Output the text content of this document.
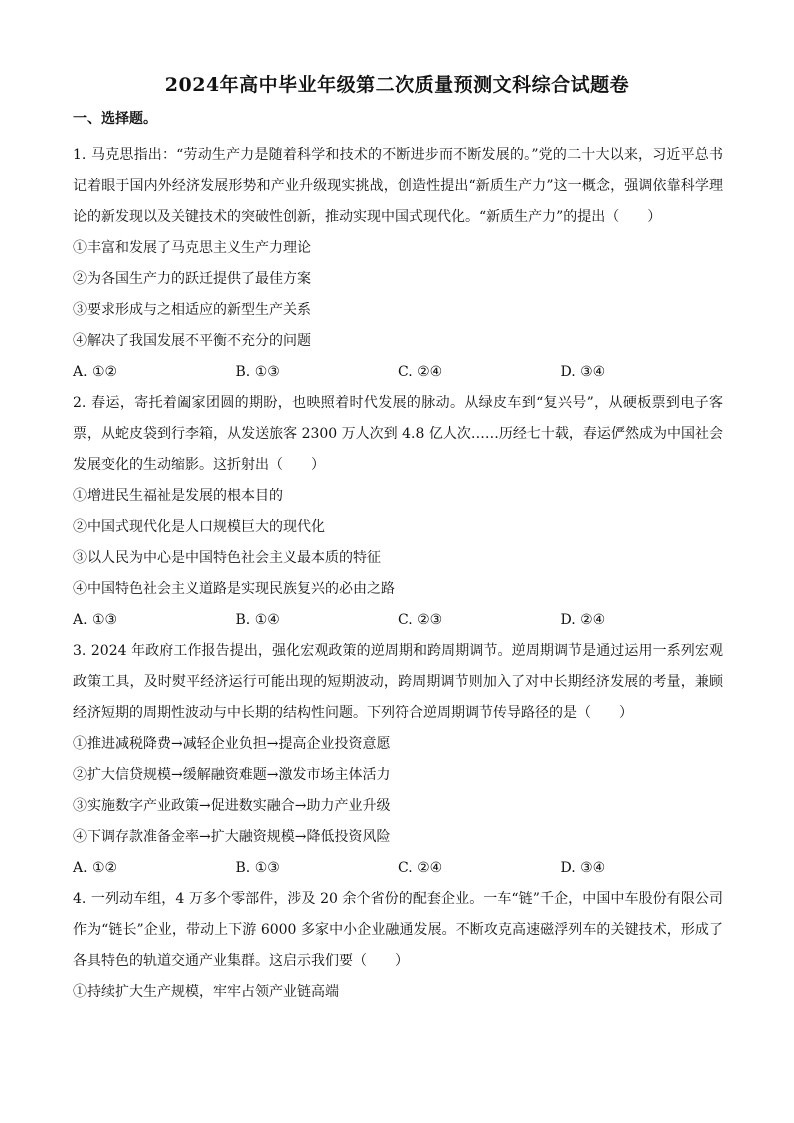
2024年高中毕业年级第二次质量预测文科综合试题卷
一、选择题。

1. 马克思指出：“劳动生产力是随着科学和技术的不断进步而不断发展的。”党的二十大以来，习近平总书记着眼于国内外经济发展形势和产业升级现实挑战，创造性提出“新质生产力”这一概念，强调依靠科学理论的新发现以及关键技术的突破性创新，推动实现中国式现代化。“新质生产力”的提出（　　）

①丰富和发展了马克思主义生产力理论

②为各国生产力的跃迁提供了最佳方案

③要求形成与之相适应的新型生产关系

④解决了我国发展不平衡不充分的问题

A. ①②	B. ①③	C. ②④	D. ③④

2. 春运，寄托着阖家团圆的期盼，也映照着时代发展的脉动。从绿皮车到“复兴号”，从硬板票到电子客票，从蛇皮袋到行李箱，从发送旅客 2300 万人次到 4.8 亿人次……历经七十载，春运俨然成为中国社会发展变化的生动缩影。这折射出（　　）

①增进民生福祉是发展的根本目的

②中国式现代化是人口规模巨大的现代化

③以人民为中心是中国特色社会主义最本质的特征

④中国特色社会主义道路是实现民族复兴的必由之路

A. ①③	B. ①④	C. ②③	D. ②④

3. 2024 年政府工作报告提出，强化宏观政策的逆周期和跨周期调节。逆周期调节是通过运用一系列宏观政策工具，及时熨平经济运行可能出现的短期波动，跨周期调节则加入了对中长期经济发展的考量，兼顾经济短期的周期性波动与中长期的结构性问题。下列符合逆周期调节传导路径的是（　　）

①推进减税降费→减轻企业负担→提高企业投资意愿

②扩大信贷规模→缓解融资难题→激发市场主体活力

③实施数字产业政策→促进数实融合→助力产业升级

④下调存款准备金率→扩大融资规模→降低投资风险

A. ①②	B. ①③	C. ②④	D. ③④

4. 一列动车组，4 万多个零部件，涉及 20 余个省份的配套企业。一车“链”千企，中国中车股份有限公司作为“链长”企业，带动上下游 6000 多家中小企业融通发展。不断攻克高速磁浮列车的关键技术，形成了各具特色的轨道交通产业集群。这启示我们要（　　）

①持续扩大生产规模，牢牢占领产业链高端
